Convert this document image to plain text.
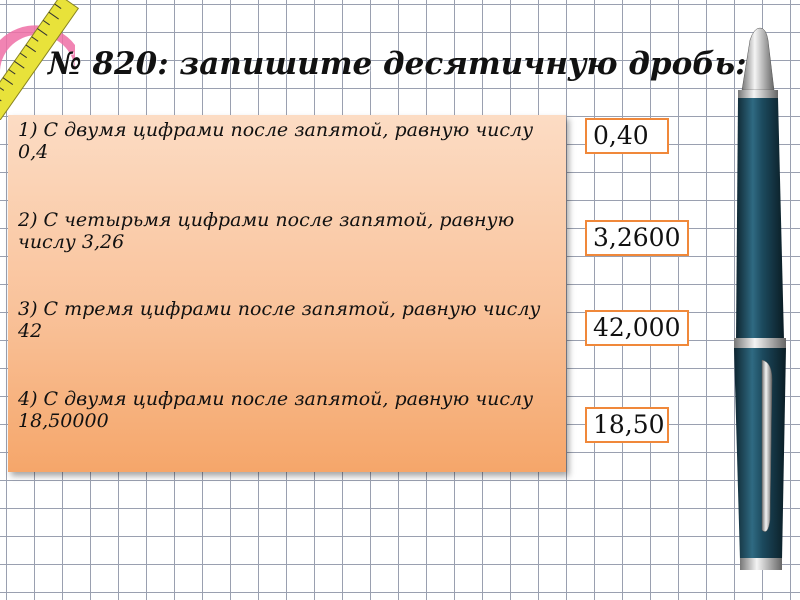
№ 820: запишите десятичную дробь:
1) С двумя цифрами после запятой, равную числу 0,4
2) С четырьмя цифрами после запятой, равную числу 3,26
3) С тремя цифрами после запятой, равную числу 42
4) С двумя цифрами после запятой, равную числу 18,50000
0,40
3,2600
42,000
18,50
